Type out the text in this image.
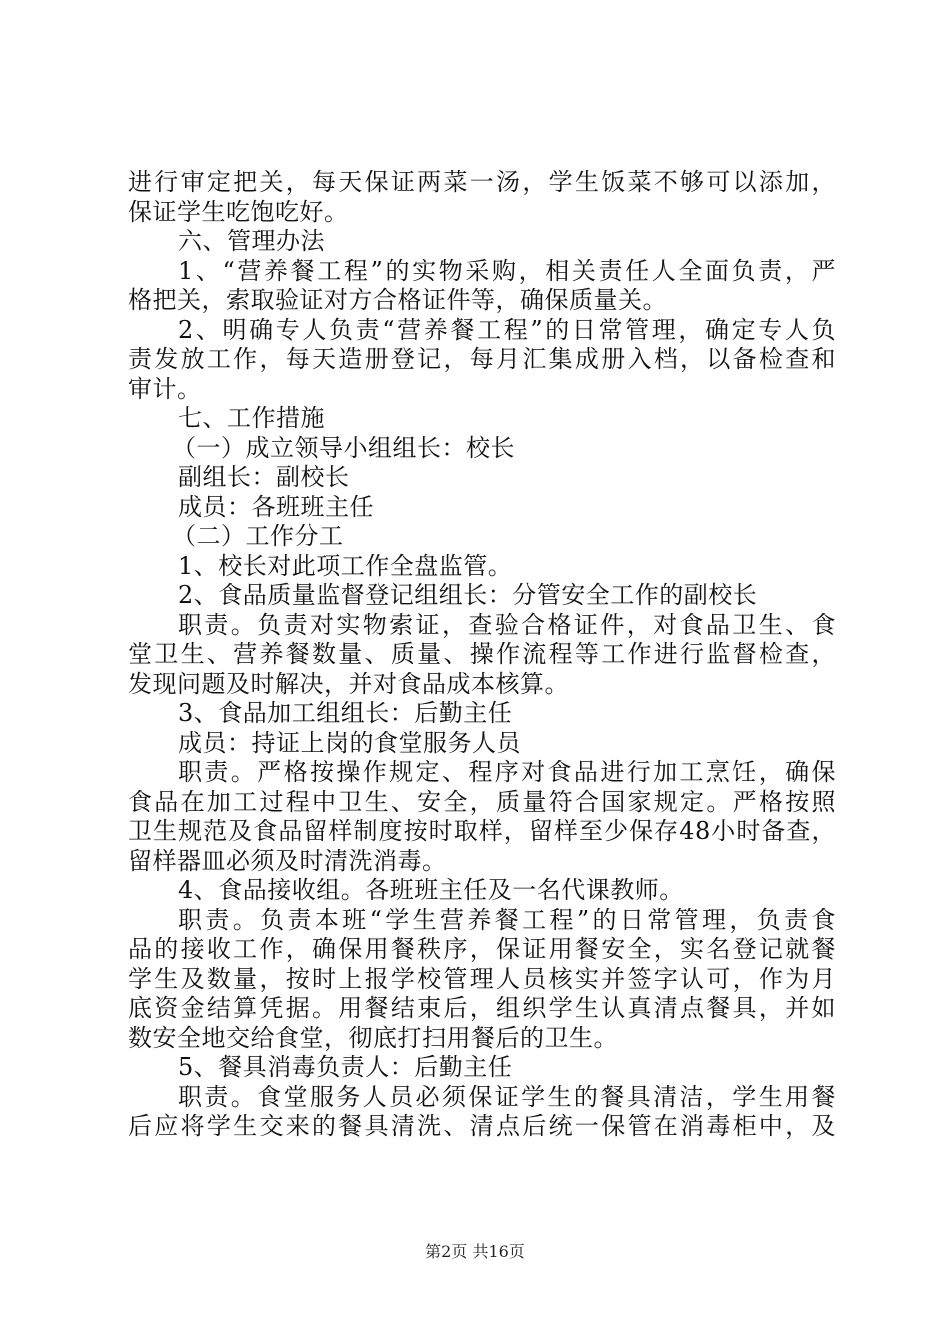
进行审定把关，每天保证两菜一汤，学生饭菜不够可以添加，
保证学生吃饱吃好。
六、管理办法
1、“营养餐工程”的实物采购，相关责任人全面负责，严
格把关，索取验证对方合格证件等，确保质量关。
2、明确专人负责“营养餐工程”的日常管理，确定专人负
责发放工作，每天造册登记，每月汇集成册入档，以备检查和
审计。
七、工作措施
（一）成立领导小组组长：校长
副组长：副校长
成员：各班班主任
（二）工作分工
1、校长对此项工作全盘监管。
2、食品质量监督登记组组长：分管安全工作的副校长
职责。负责对实物索证，查验合格证件，对食品卫生、食
堂卫生、营养餐数量、质量、操作流程等工作进行监督检查，
发现问题及时解决，并对食品成本核算。
3、食品加工组组长：后勤主任
成员：持证上岗的食堂服务人员
职责。严格按操作规定、程序对食品进行加工烹饪，确保
食品在加工过程中卫生、安全，质量符合国家规定。严格按照
卫生规范及食品留样制度按时取样，留样至少保存48小时备查，
留样器皿必须及时清洗消毒。
4、食品接收组。各班班主任及一名代课教师。
职责。负责本班“学生营养餐工程”的日常管理，负责食
品的接收工作，确保用餐秩序，保证用餐安全，实名登记就餐
学生及数量，按时上报学校管理人员核实并签字认可，作为月
底资金结算凭据。用餐结束后，组织学生认真清点餐具，并如
数安全地交给食堂，彻底打扫用餐后的卫生。
5、餐具消毒负责人：后勤主任
职责。食堂服务人员必须保证学生的餐具清洁，学生用餐
后应将学生交来的餐具清洗、清点后统一保管在消毒柜中，及
第2页 共16页
